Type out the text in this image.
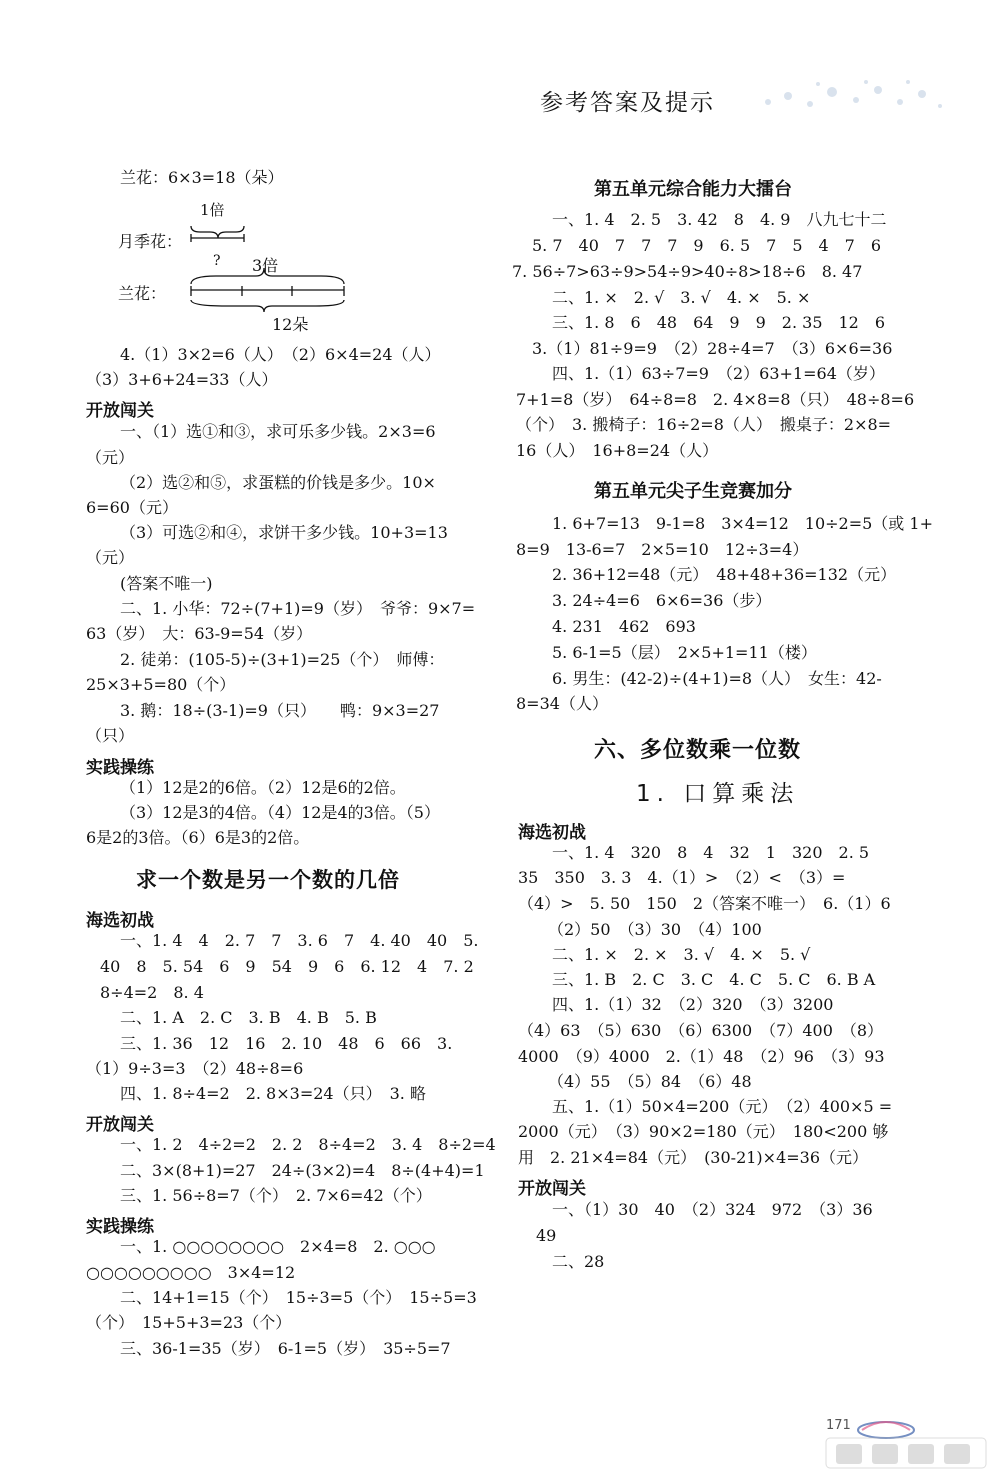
参考答案及提示
兰花：6×3=18（朵）
1倍
月季花：
? 3倍
兰花：
12朵
4.（1）3×2=6（人）　（2）6×4=24（人）
（3）3+6+24=33（人）
开放闯关
一、（1）选①和③，求可乐多少钱。2×3=6
（元）
（2）选②和⑤，求蛋糕的价钱是多少。10×
6=60（元）
（3）可选②和④，求饼干多少钱。10+3=13
（元）
(答案不唯一)
二、1. 小华：72÷(7+1)=9（岁）　爷爷：9×7=
63（岁）　大：63-9=54（岁）
2. 徒弟：(105-5)÷(3+1)=25（个）　师傅：
25×3+5=80（个）
3. 鹅：18÷(3-1)=9（只）　　鸭：9×3=27
（只）
实践操练
（1）12是2的6倍。（2）12是6的2倍。
（3）12是3的4倍。（4）12是4的3倍。（5）
6是2的3倍。（6）6是3的2倍。
求一个数是另一个数的几倍
海选初战
一、1. 4　4　2. 7　7　3. 6　7　4. 40　40　5.
40　8　5. 54　6　9　54　9　6　6. 12　4　7. 2
8÷4=2　8. 4
二、1. A　2. C　3. B　4. B　5. B
三、1. 36　12　16　2. 10　48　6　66　3.
（1）9÷3=3　（2）48÷8=6
四、1. 8÷4=2　2. 8×3=24（只）　3. 略
开放闯关
一、1. 2　4÷2=2　2. 2　8÷4=2　3. 4　8÷2=4
二、3×(8+1)=27　24÷(3×2)=4　8÷(4+4)=1
三、1. 56÷8=7（个）　2. 7×6=42（个）
实践操练
一、1. ○○○○○○○○　2×4=8　2. ○○○
○○○○○○○○○　3×4=12
二、14+1=15（个）　15÷3=5（个）　15÷5=3
（个）　15+5+3=23（个）
三、36-1=35（岁）　6-1=5（岁）　35÷5=7
第五单元综合能力大擂台
一、1. 4　2. 5　3. 42　8　4. 9　八九七十二
5. 7　40　7　7　7　9　6. 5　7　5　4　7　6
7. 56÷7>63÷9>54÷9>40÷8>18÷6　8. 47
二、1. ×　2. √　3. √　4. ×　5. ×
三、1. 8　6　48　64　9　9　2. 35　12　6
3.（1）81÷9=9　（2）28÷4=7　（3）6×6=36
四、1.（1）63÷7=9　（2）63+1=64（岁）
7+1=8（岁）　64÷8=8　2. 4×8=8（只）　48÷8=6
（个）　3. 搬椅子：16÷2=8（人）　搬桌子：2×8=
16（人）　16+8=24（人）
第五单元尖子生竞赛加分
1. 6+7=13　9-1=8　3×4=12　10÷2=5（或 1+
8=9　13-6=7　2×5=10　12÷3=4）
2. 36+12=48（元）　48+48+36=132（元）
3. 24÷4=6　6×6=36（步）
4. 231　462　693
5. 6-1=5（层）　2×5+1=11（楼）
6. 男生：(42-2)÷(4+1)=8（人）　女生：42-
8=34（人）
六、多位数乘一位数
1. 口算乘法
海选初战
一、1. 4　320　8　4　32　1　320　2. 5
35　350　3. 3　4.（1）>　（2）<　（3）=
（4）>　5. 50　150　2（答案不唯一）　6.（1）6
（2）50　（3）30　（4）100
二、1. ×　2. ×　3. √　4. ×　5. √
三、1. B　2. C　3. C　4. C　5. C　6. B A
四、1.（1）32　（2）320　（3）3200
（4）63　（5）630　（6）6300　（7）400　（8）
4000　（9）4000　2.（1）48　（2）96　（3）93
（4）55　（5）84　（6）48
五、1.（1）50×4=200（元）　（2）400×5 =
2000（元）　（3）90×2=180（元）　180<200 够
用　2. 21×4=84（元）　(30-21)×4=36（元）
开放闯关
一、（1）30　40　（2）324　972　（3）36
49
二、28
171
